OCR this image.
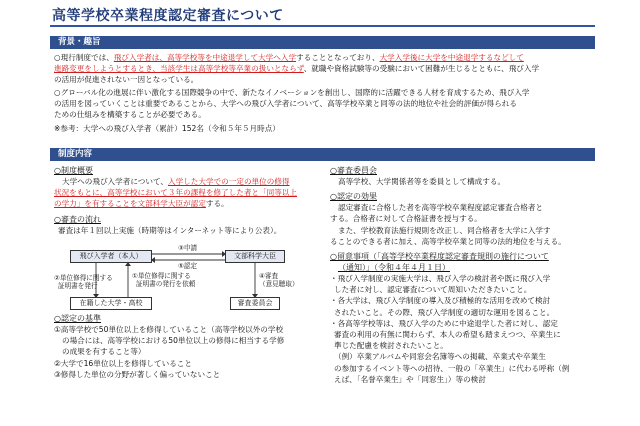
高等学校卒業程度認定審査について
背景・趣旨
○現行制度では、飛び入学者は、高等学校等を中途退学して大学へ入学することとなっており、大学入学後に大学を中途退学するなどして
進路変更をしようとするとき、当該学生は高等学校等卒業の扱いとならず、就職や資格試験等の受験において困難が生じるとともに、飛び入学
の活用が促進されない一因となっている。
○グローバル化の進展に伴い激化する国際競争の中で、新たなイノベーションを創出し、国際的に活躍できる人材を育成するため、飛び入学
の活用を図っていくことは重要であることから、大学への飛び入学者について、高等学校卒業と同等の法的地位や社会的評価が得られる
ための仕組みを構築することが必要である。
※参考：大学への飛び入学者（累計）152名（令和５年５月時点）
制度内容
○制度概要
大学への飛び入学者について、入学した大学での一定の単位の修得
状況をもとに、高等学校において３年の課程を修了した者と「同等以上
の学力」を有することを文部科学大臣が認定する。
○審査の流れ
審査は年１回以上実施（時期等はインターネット等により公表）。
飛び入学者（本人）	文部科学大臣
在籍した大学・高校	審査委員会
③申請
⑤認定
②単位修得に関する
証明書を発行
①単位修得に関する
証明書の発行を依頼
④審査
（意見聴取）
○認定の基準
①高等学校で50単位以上を修得していること（高等学校以外の学校
の場合には、高等学校における50単位以上の修得に相当する学修
の成果を有すること等）
②大学で16単位以上を修得していること
③修得した単位の分野が著しく偏っていないこと
○審査委員会
高等学校、大学関係者等を委員として構成する。
○認定の効果
認定審査に合格した者を高等学校卒業程度認定審査合格者と
する。合格者に対して合格証書を授与する。
また、学校教育法施行規則を改正し、同合格者を大学に入学す
ることのできる者に加え、高等学校卒業と同等の法的地位を与える。
○留意事項（「高等学校卒業程度認定審査規則の施行について
（通知）」（令和４年４月１日）
・飛び入学制度の実施大学は、飛び入学の検討者や既に飛び入学
した者に対し、認定審査について周知いただきたいこと。
・各大学は、飛び入学制度の導入及び積極的な活用を改めて検討
されたいこと。その際、飛び入学制度の適切な運用を図ること。
・各高等学校等は、飛び入学のために中途退学した者に対し、認定
審査の利用の有無に関わらず、本人の希望も踏まえつつ、卒業生に
準じた配慮を検討されたいこと。
（例）卒業アルバムや同窓会名簿等への掲載、卒業式や卒業生
の参加するイベント等への招待、一般の「卒業生」に代わる呼称（例
えば、「名誉卒業生」や「同窓生」）等の検討
